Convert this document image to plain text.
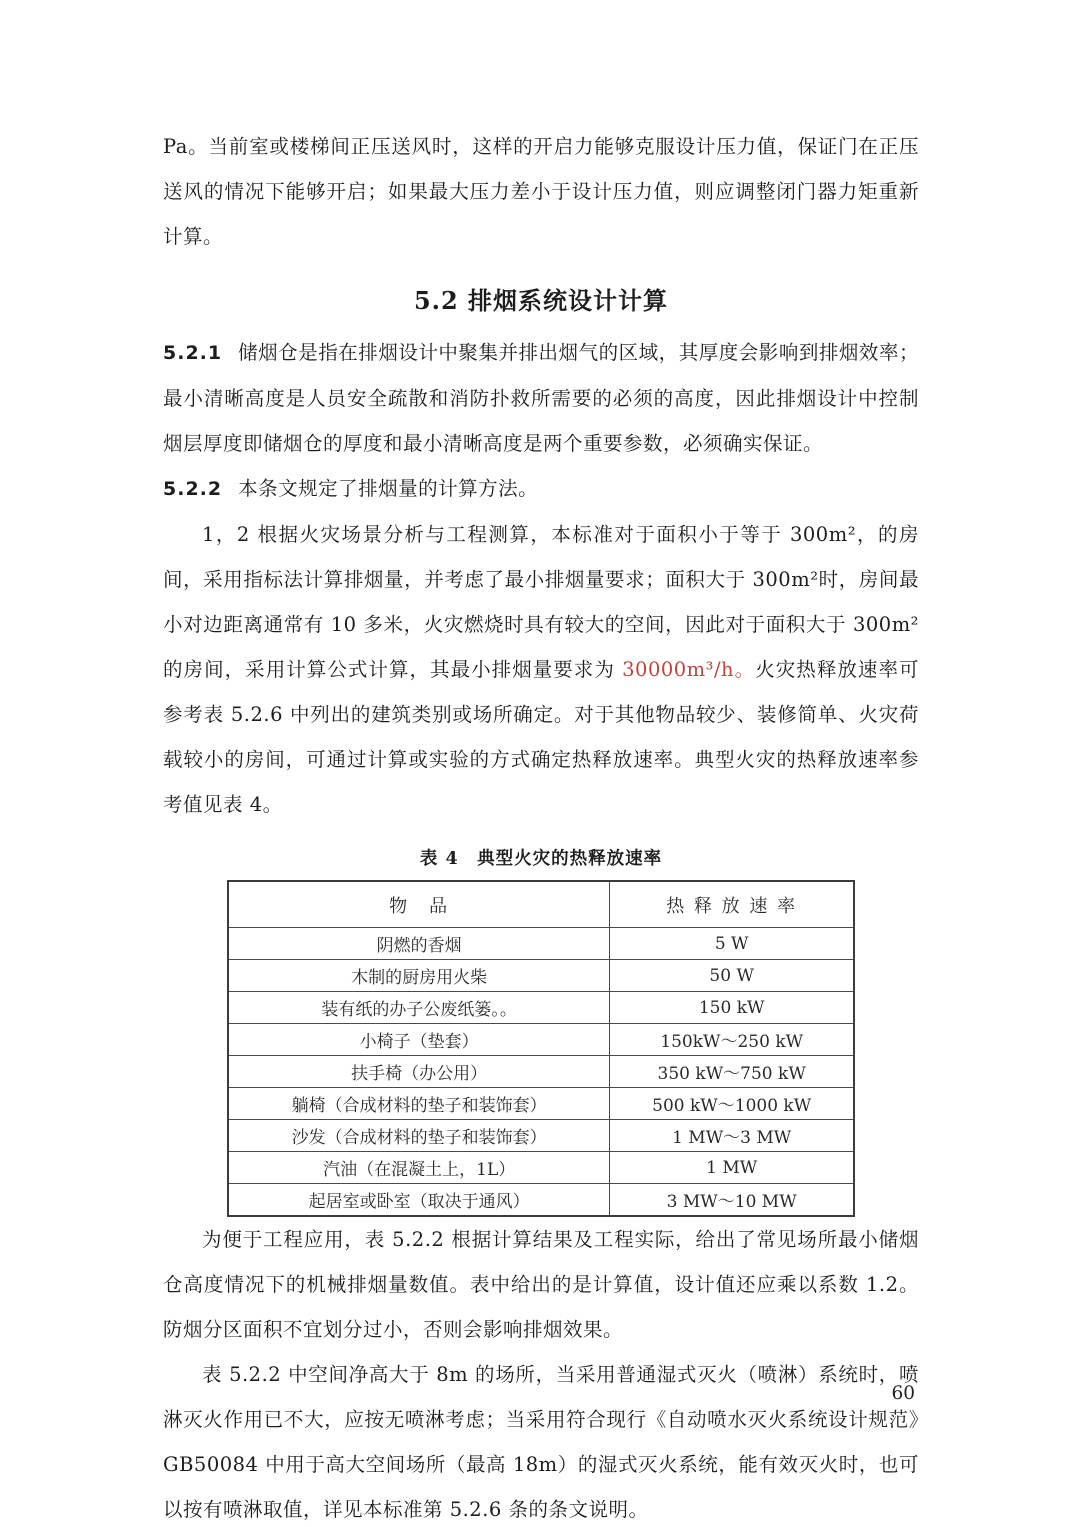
Pa。当前室或楼梯间正压送风时，这样的开启力能够克服设计压力值，保证门在正压送风的情况下能够开启；如果最大压力差小于设计压力值，则应调整闭门器力矩重新计算。

5.2 排烟系统设计计算

5.2.1 储烟仓是指在排烟设计中聚集并排出烟气的区域，其厚度会影响到排烟效率；最小清晰高度是人员安全疏散和消防扑救所需要的必须的高度，因此排烟设计中控制烟层厚度即储烟仓的厚度和最小清晰高度是两个重要参数，必须确实保证。

5.2.2 本条文规定了排烟量的计算方法。

1，2 根据火灾场景分析与工程测算，本标准对于面积小于等于 300m²，的房间，采用指标法计算排烟量，并考虑了最小排烟量要求；面积大于 300m²时，房间最小对边距离通常有 10 多米，火灾燃烧时具有较大的空间，因此对于面积大于 300m²的房间，采用计算公式计算，其最小排烟量要求为 30000m³/h。火灾热释放速率可参考表 5.2.6 中列出的建筑类别或场所确定。对于其他物品较少、装修简单、火灾荷载较小的房间，可通过计算或实验的方式确定热释放速率。典型火灾的热释放速率参考值见表 4。

表 4　典型火灾的热释放速率
物　品	热 释 放 速 率
阴燃的香烟	5 W
木制的厨房用火柴	50 W
装有纸的办子公废纸篓。。	150 kW
小椅子（垫套）	150kW～250 kW
扶手椅（办公用）	350 kW～750 kW
躺椅（合成材料的垫子和装饰套）	500 kW～1000 kW
沙发（合成材料的垫子和装饰套）	1 MW～3 MW
汽油（在混凝土上，1L）	1 MW
起居室或卧室（取决于通风）	3 MW～10 MW

为便于工程应用，表 5.2.2 根据计算结果及工程实际，给出了常见场所最小储烟仓高度情况下的机械排烟量数值。表中给出的是计算值，设计值还应乘以系数 1.2。防烟分区面积不宜划分过小，否则会影响排烟效果。

表 5.2.2 中空间净高大于 8m 的场所，当采用普通湿式灭火（喷淋）系统时，喷淋灭火作用已不大，应按无喷淋考虑；当采用符合现行《自动喷水灭火系统设计规范》GB50084 中用于高大空间场所（最高 18m）的湿式灭火系统，能有效灭火时，也可以按有喷淋取值，详见本标准第 5.2.6 条的条文说明。

60
